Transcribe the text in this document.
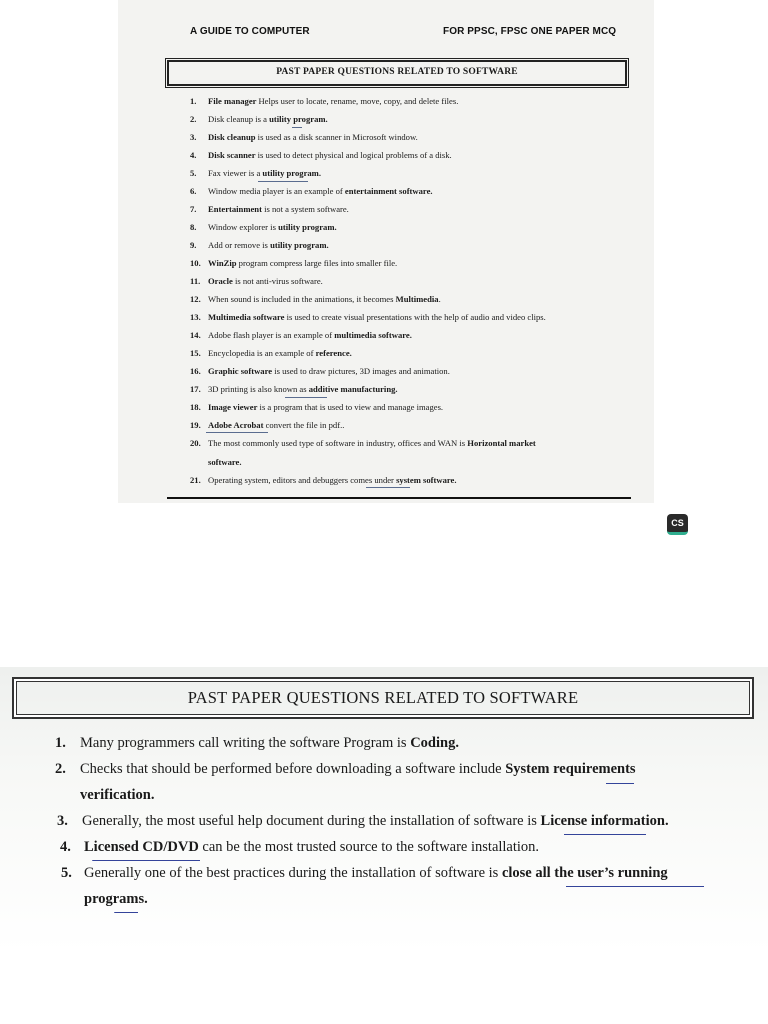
A GUIDE TO COMPUTER	FOR PPSC, FPSC ONE PAPER MCQ
PAST PAPER QUESTIONS RELATED TO SOFTWARE
1.	File manager Helps user to locate, rename, move, copy, and delete files.
2.	Disk cleanup is a utility program.
3.	Disk cleanup is used as a disk scanner in Microsoft window.
4.	Disk scanner is used to detect physical and logical problems of a disk.
5.	Fax viewer is a utility program.
6.	Window media player is an example of entertainment software.
7.	Entertainment is not a system software.
8.	Window explorer is utility program.
9.	Add or remove is utility program.
10. WinZip program compress large files into smaller file.
11. Oracle is not anti-virus software.
12. When sound is included in the animations, it becomes Multimedia.
13. Multimedia software is used to create visual presentations with the help of audio and video clips.
14. Adobe flash player is an example of multimedia software.
15. Encyclopedia is an example of reference.
16. Graphic software is used to draw pictures, 3D images and animation.
17. 3D printing is also known as additive manufacturing.
18. Image viewer is a program that is used to view and manage images.
19. Adobe Acrobat convert the file in pdf..
20. The most commonly used type of software in industry, offices and WAN is Horizontal market
software.
21. Operating system, editors and debuggers comes under system software.
CS
PAST PAPER QUESTIONS RELATED TO SOFTWARE
1. Many programmers call writing the software Program is Coding.
2. Checks that should be performed before downloading a software include System requirements
verification.
3. Generally, the most useful help document during the installation of software is License information.
4. Licensed CD/DVD can be the most trusted source to the software installation.
5. Generally one of the best practices during the installation of software is close all the user’s running
programs.
